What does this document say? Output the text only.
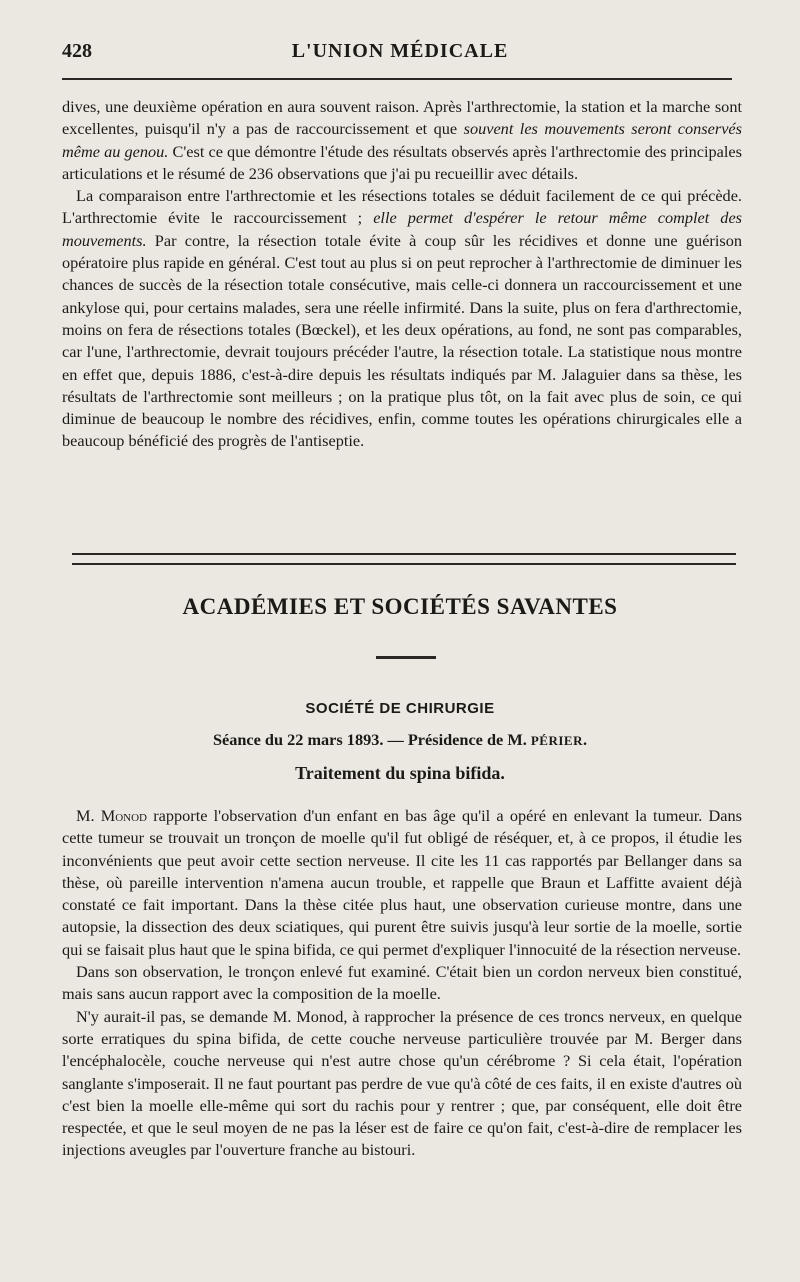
428	L'UNION MÉDICALE

dives, une deuxième opération en aura souvent raison. Après l'arthrectomie, la station et la marche sont excellentes, puisqu'il n'y a pas de raccourcissement et que souvent les mouvements seront conservés même au genou. C'est ce que démontre l'étude des résultats observés après l'arthrectomie des principales articulations et le résumé de 236 observations que j'ai pu recueillir avec détails.

La comparaison entre l'arthrectomie et les résections totales se déduit facilement de ce qui précède. L'arthrectomie évite le raccourcissement ; elle permet d'espérer le retour même complet des mouvements. Par contre, la résection totale évite à coup sûr les récidives et donne une guérison opératoire plus rapide en général. C'est tout au plus si on peut reprocher à l'arthrectomie de diminuer les chances de succès de la résection totale consécutive, mais celle-ci donnera un raccourcissement et une ankylose qui, pour certains malades, sera une réelle infirmité. Dans la suite, plus on fera d'arthrectomie, moins on fera de résections totales (Bœckel), et les deux opérations, au fond, ne sont pas comparables, car l'une, l'arthrectomie, devrait toujours précéder l'autre, la résection totale. La statistique nous montre en effet que, depuis 1886, c'est-à-dire depuis les résultats indiqués par M. Jalaguier dans sa thèse, les résultats de l'arthrectomie sont meilleurs ; on la pratique plus tôt, on la fait avec plus de soin, ce qui diminue de beaucoup le nombre des récidives, enfin, comme toutes les opérations chirurgicales elle a beaucoup bénéficié des progrès de l'antiseptie.

ACADÉMIES ET SOCIÉTÉS SAVANTES
SOCIÉTÉ DE CHIRURGIE
Séance du 22 mars 1893. — Présidence de M. PÉRIER.
Traitement du spina bifida.

M. Monod rapporte l'observation d'un enfant en bas âge qu'il a opéré en enlevant la tumeur. Dans cette tumeur se trouvait un tronçon de moelle qu'il fut obligé de réséquer, et, à ce propos, il étudie les inconvénients que peut avoir cette section nerveuse. Il cite les 11 cas rapportés par Bellanger dans sa thèse, où pareille intervention n'amena aucun trouble, et rappelle que Braun et Laffitte avaient déjà constaté ce fait important. Dans la thèse citée plus haut, une observation curieuse montre, dans une autopsie, la dissection des deux sciatiques, qui purent être suivis jusqu'à leur sortie de la moelle, sortie qui se faisait plus haut que le spina bifida, ce qui permet d'expliquer l'innocuité de la résection nerveuse.

Dans son observation, le tronçon enlevé fut examiné. C'était bien un cordon nerveux bien constitué, mais sans aucun rapport avec la composition de la moelle.

N'y aurait-il pas, se demande M. Monod, à rapprocher la présence de ces troncs nerveux, en quelque sorte erratiques du spina bifida, de cette couche nerveuse particulière trouvée par M. Berger dans l'encéphalocèle, couche nerveuse qui n'est autre chose qu'un cérébrome ? Si cela était, l'opération sanglante s'imposerait. Il ne faut pourtant pas perdre de vue qu'à côté de ces faits, il en existe d'autres où c'est bien la moelle elle-même qui sort du rachis pour y rentrer ; que, par conséquent, elle doit être respectée, et que le seul moyen de ne pas la léser est de faire ce qu'on fait, c'est-à-dire de remplacer les injections aveugles par l'ouverture franche au bistouri.
